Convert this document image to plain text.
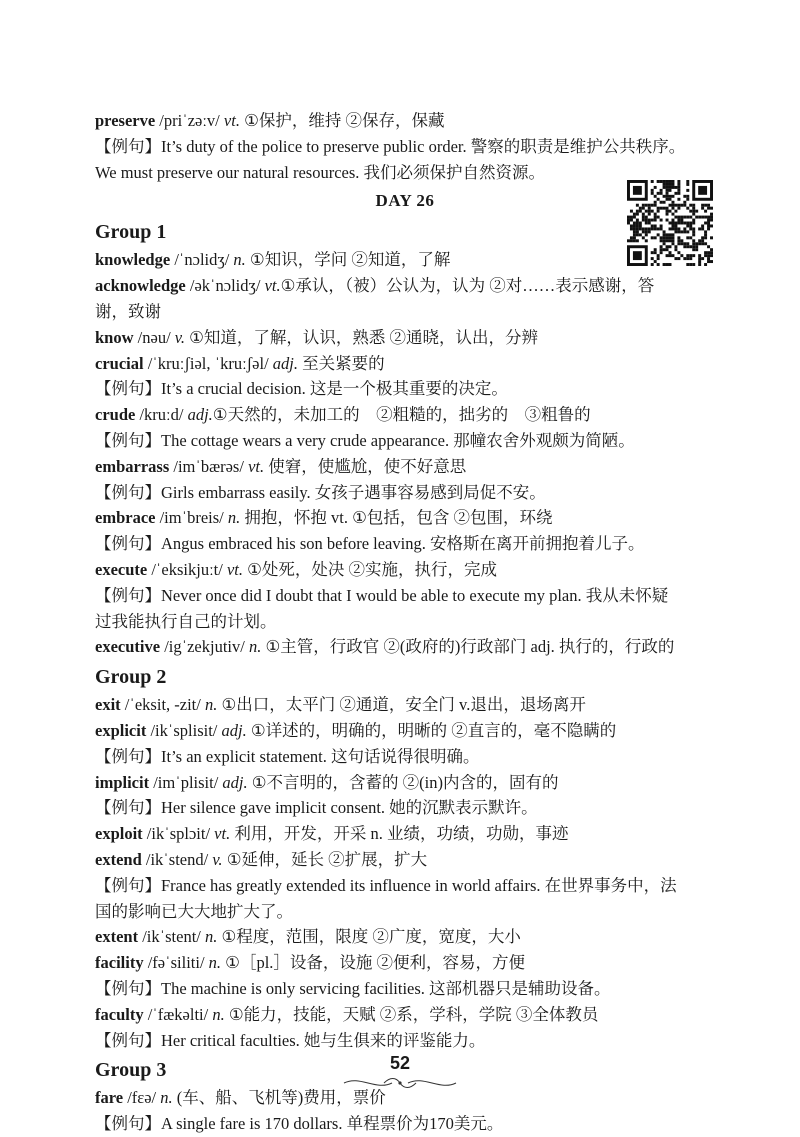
preserve /priˈzəːv/ vt. ①保护，维持 ②保存，保藏
【例句】It’s duty of the police to preserve public order. 警察的职责是维护公共秩序。
We must preserve our natural resources. 我们必须保护自然资源。
DAY 26
Group 1
knowledge /ˈnɔlidʒ/ n. ①知识，学问 ②知道，了解
acknowledge /əkˈnɔlidʒ/ vt.①承认，（被）公认为，认为 ②对……表示感谢，答
谢，致谢
know /nəu/ v. ①知道，了解，认识，熟悉 ②通晓，认出，分辨
crucial /ˈkruːʃiəl, ˈkruːʃəl/ adj. 至关紧要的
【例句】It’s a crucial decision. 这是一个极其重要的决定。
crude /kruːd/ adj.①天然的，未加工的　②粗糙的，拙劣的　③粗鲁的
【例句】The cottage wears a very crude appearance. 那幢农舍外观颇为简陋。
embarrass /imˈbærəs/ vt. 使窘，使尴尬，使不好意思
【例句】Girls embarrass easily. 女孩子遇事容易感到局促不安。
embrace /imˈbreis/ n. 拥抱，怀抱 vt. ①包括，包含 ②包围，环绕
【例句】Angus embraced his son before leaving. 安格斯在离开前拥抱着儿子。
execute /ˈeksikjuːt/ vt. ①处死，处决 ②实施，执行，完成
【例句】Never once did I doubt that I would be able to execute my plan. 我从未怀疑
过我能执行自己的计划。
executive /igˈzekjutiv/ n. ①主管，行政官 ②(政府的)行政部门 adj. 执行的，行政的
Group 2
exit /ˈeksit, -zit/ n. ①出口，太平门 ②通道，安全门 v.退出，退场离开
explicit /ikˈsplisit/ adj. ①详述的，明确的，明晰的 ②直言的，毫不隐瞒的
【例句】It’s an explicit statement. 这句话说得很明确。
implicit /imˈplisit/ adj. ①不言明的，含蓄的 ②(in)内含的，固有的
【例句】Her silence gave implicit consent. 她的沉默表示默许。
exploit /ikˈsplɔit/ vt. 利用，开发，开采 n. 业绩，功绩，功勋，事迹
extend /ikˈstend/ v. ①延伸，延长 ②扩展，扩大
【例句】France has greatly extended its influence in world affairs. 在世界事务中，法
国的影响已大大地扩大了。
extent /ikˈstent/ n. ①程度，范围，限度 ②广度，宽度，大小
facility /fəˈsiliti/ n. ①［pl.］设备，设施 ②便利，容易，方便
【例句】The machine is only servicing facilities. 这部机器只是辅助设备。
faculty /ˈfækəlti/ n. ①能力，技能，天赋 ②系，学科，学院 ③全体教员
【例句】Her critical faculties. 她与生俱来的评鉴能力。
Group 3
fare /fɛə/ n. (车、船、飞机等)费用，票价
【例句】A single fare is 170 dollars. 单程票价为170美元。
52
